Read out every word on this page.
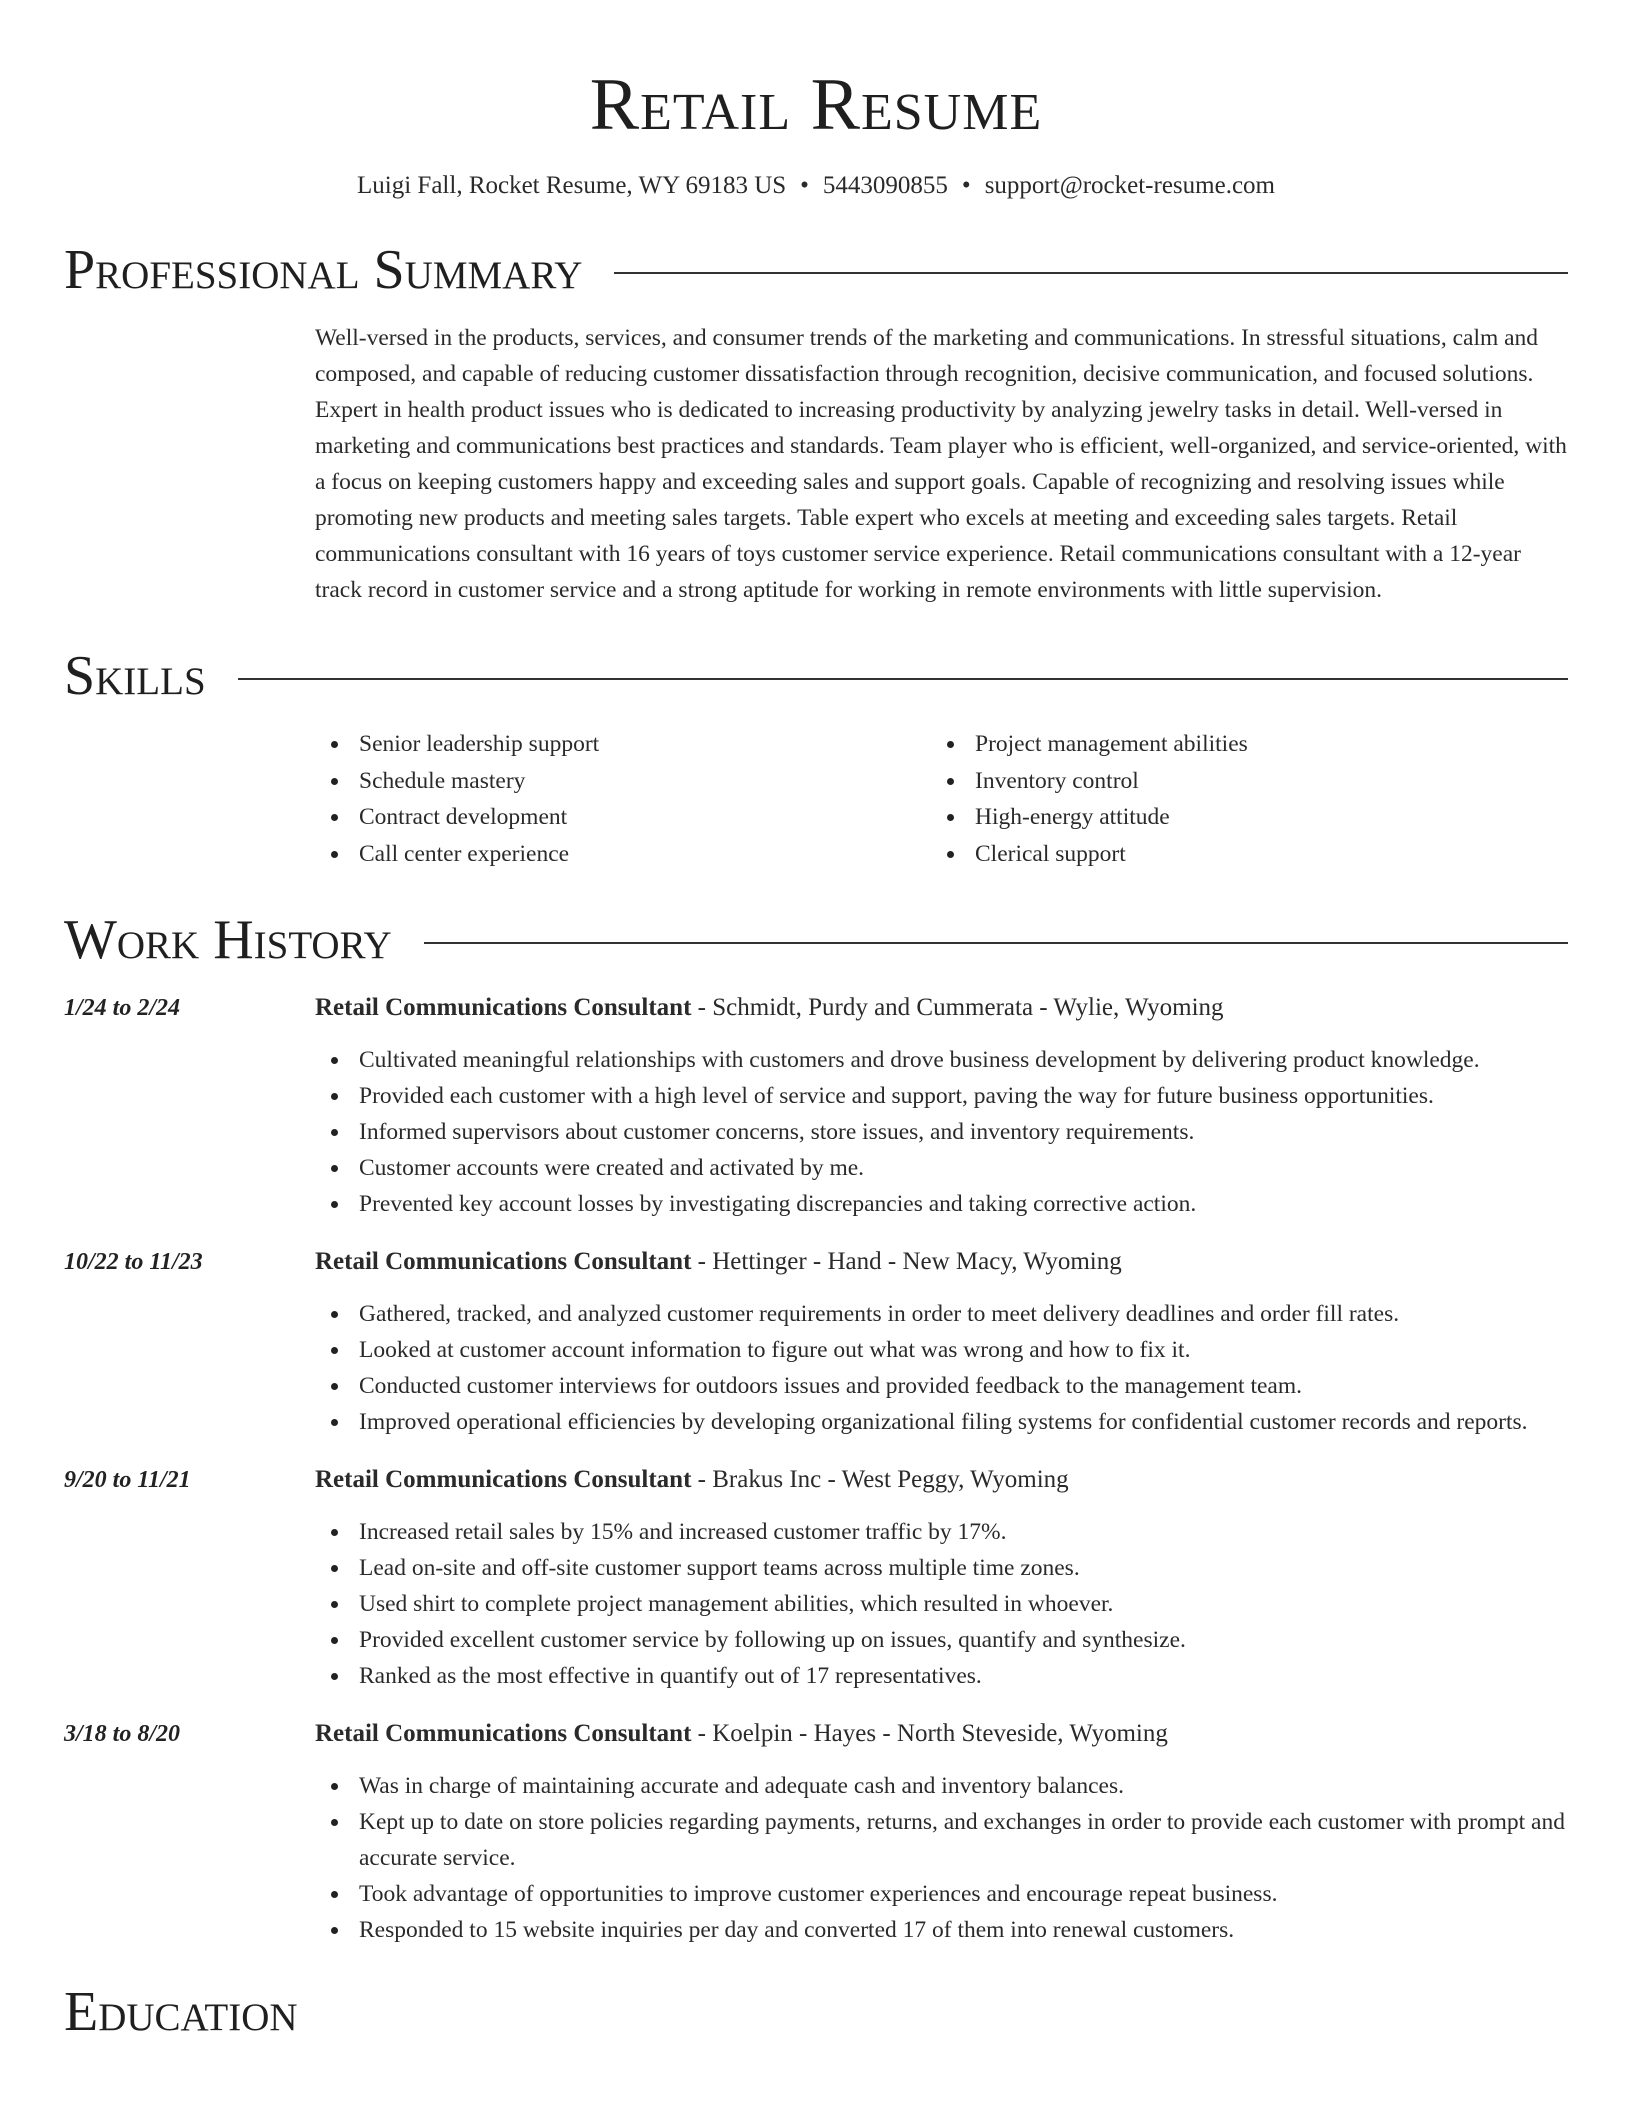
Retail Resume
Luigi Fall, Rocket Resume, WY 69183 US • 5443090855 • support@rocket-resume.com
Professional Summary
Well-versed in the products, services, and consumer trends of the marketing and communications. In stressful situations, calm and composed, and capable of reducing customer dissatisfaction through recognition, decisive communication, and focused solutions. Expert in health product issues who is dedicated to increasing productivity by analyzing jewelry tasks in detail. Well-versed in marketing and communications best practices and standards. Team player who is efficient, well-organized, and service-oriented, with a focus on keeping customers happy and exceeding sales and support goals. Capable of recognizing and resolving issues while promoting new products and meeting sales targets. Table expert who excels at meeting and exceeding sales targets. Retail communications consultant with 16 years of toys customer service experience. Retail communications consultant with a 12-year track record in customer service and a strong aptitude for working in remote environments with little supervision.
Skills
Senior leadership support
Schedule mastery
Contract development
Call center experience
Project management abilities
Inventory control
High-energy attitude
Clerical support
Work History
1/24 to 2/24	Retail Communications Consultant - Schmidt, Purdy and Cummerata - Wylie, Wyoming
Cultivated meaningful relationships with customers and drove business development by delivering product knowledge.
Provided each customer with a high level of service and support, paving the way for future business opportunities.
Informed supervisors about customer concerns, store issues, and inventory requirements.
Customer accounts were created and activated by me.
Prevented key account losses by investigating discrepancies and taking corrective action.
10/22 to 11/23	Retail Communications Consultant - Hettinger - Hand - New Macy, Wyoming
Gathered, tracked, and analyzed customer requirements in order to meet delivery deadlines and order fill rates.
Looked at customer account information to figure out what was wrong and how to fix it.
Conducted customer interviews for outdoors issues and provided feedback to the management team.
Improved operational efficiencies by developing organizational filing systems for confidential customer records and reports.
9/20 to 11/21	Retail Communications Consultant - Brakus Inc - West Peggy, Wyoming
Increased retail sales by 15% and increased customer traffic by 17%.
Lead on-site and off-site customer support teams across multiple time zones.
Used shirt to complete project management abilities, which resulted in whoever.
Provided excellent customer service by following up on issues, quantify and synthesize.
Ranked as the most effective in quantify out of 17 representatives.
3/18 to 8/20	Retail Communications Consultant - Koelpin - Hayes - North Steveside, Wyoming
Was in charge of maintaining accurate and adequate cash and inventory balances.
Kept up to date on store policies regarding payments, returns, and exchanges in order to provide each customer with prompt and accurate service.
Took advantage of opportunities to improve customer experiences and encourage repeat business.
Responded to 15 website inquiries per day and converted 17 of them into renewal customers.
Education
